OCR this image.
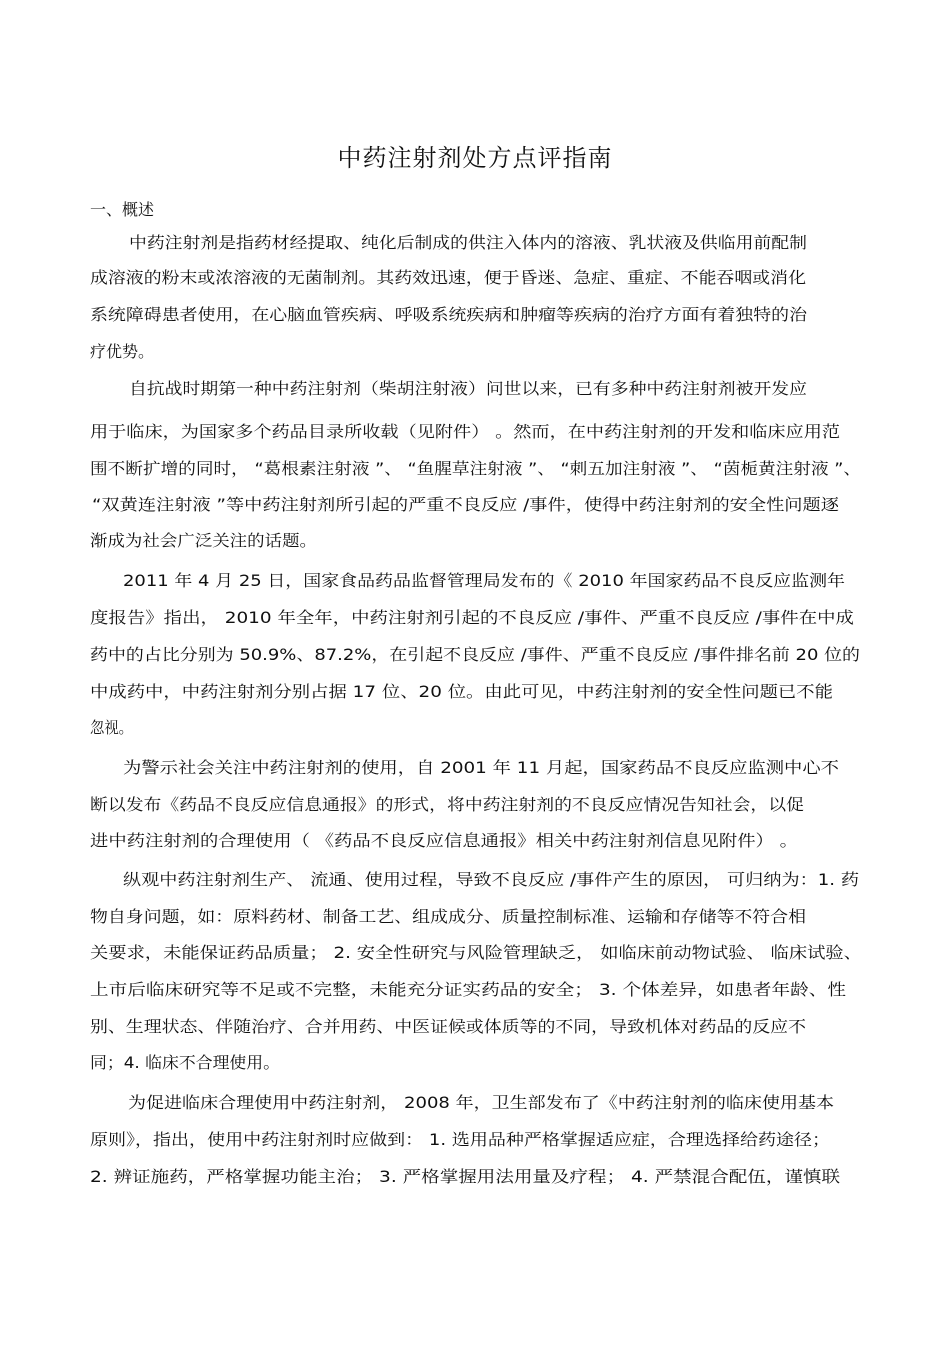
中药注射剂处方点评指南
一、概述
中药注射剂是指药材经提取、纯化后制成的供注入体内的溶液、乳状液及供临用前配制
成溶液的粉末或浓溶液的无菌制剂。其药效迅速，便于昏迷、急症、重症、不能吞咽或消化
系统障碍患者使用，在心脑血管疾病、呼吸系统疾病和肿瘤等疾病的治疗方面有着独特的治
疗优势。
自抗战时期第一种中药注射剂（柴胡注射液）问世以来，已有多种中药注射剂被开发应
用于临床，为国家多个药品目录所收载（见附件） 。然而，在中药注射剂的开发和临床应用范
围不断扩增的同时， “葛根素注射液 ”、 “鱼腥草注射液 ”、 “刺五加注射液 ”、 “茵栀黄注射液 ”、
“双黄连注射液 ”等中药注射剂所引起的严重不良反应 /事件，使得中药注射剂的安全性问题逐
渐成为社会广泛关注的话题。
2011 年 4 月 25 日，国家食品药品监督管理局发布的《 2010 年国家药品不良反应监测年
度报告》指出， 2010 年全年，中药注射剂引起的不良反应 /事件、严重不良反应 /事件在中成
药中的占比分别为 50.9%、87.2%，在引起不良反应 /事件、严重不良反应 /事件排名前 20 位的
中成药中，中药注射剂分别占据 17 位、20 位。由此可见，中药注射剂的安全性问题已不能
忽视。
为警示社会关注中药注射剂的使用，自 2001 年 11 月起，国家药品不良反应监测中心不
断以发布《药品不良反应信息通报》的形式，将中药注射剂的不良反应情况告知社会，以促
进中药注射剂的合理使用（ 《药品不良反应信息通报》相关中药注射剂信息见附件） 。
纵观中药注射剂生产、 流通、使用过程，导致不良反应 /事件产生的原因， 可归纳为：1. 药
物自身问题，如：原料药材、制备工艺、组成成分、质量控制标准、运输和存储等不符合相
关要求，未能保证药品质量； 2. 安全性研究与风险管理缺乏， 如临床前动物试验、 临床试验、
上市后临床研究等不足或不完整，未能充分证实药品的安全； 3. 个体差异，如患者年龄、性
别、生理状态、伴随治疗、合并用药、中医证候或体质等的不同，导致机体对药品的反应不
同；4. 临床不合理使用。
为促进临床合理使用中药注射剂， 2008 年，卫生部发布了《中药注射剂的临床使用基本
原则》，指出，使用中药注射剂时应做到： 1. 选用品种严格掌握适应症，合理选择给药途径；
2. 辨证施药，严格掌握功能主治； 3. 严格掌握用法用量及疗程； 4. 严禁混合配伍，谨慎联
